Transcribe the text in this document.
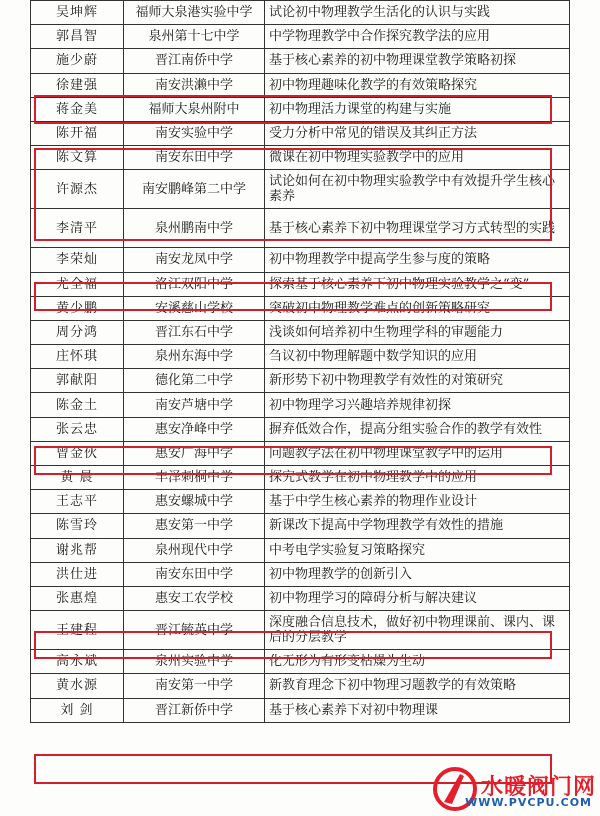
吴坤辉	福师大泉港实验中学	试论初中物理教学生活化的认识与实践
郭昌智	泉州第十七中学	中学物理教学中合作探究教学法的应用
施少蔚	晋江南侨中学	基于核心素养的初中物理课堂教学策略初探
徐建强	南安洪濑中学	初中物理趣味化教学的有效策略探究
蒋金美	福师大泉州附中	初中物理活力课堂的构建与实施
陈开福	南安实验中学	受力分析中常见的错误及其纠正方法
陈文算	南安东田中学	微课在初中物理实验教学中的应用
许源杰	南安鹏峰第二中学	试论如何在初中物理实验教学中有效提升学生核心素养
李清平	泉州鹏南中学	基于核心素养下初中物理课堂学习方式转型的实践
李荣灿	南安龙凤中学	初中物理教学中提高学生参与度的策略
尤全福	洛江双阳中学	探索基于核心素养下初中物理实验教学之“变”
黄少鹏	安溪慈山学校	突破初中物理教学难点的创新策略研究
周分鸿	晋江东石中学	浅谈如何培养初中生物理学科的审题能力
庄怀琪	泉州东海中学	刍议初中物理解题中数学知识的应用
郭献阳	德化第二中学	新形势下初中物理教学有效性的对策研究
陈金土	南安芦塘中学	初中物理学习兴趣培养规律初探
张云忠	惠安净峰中学	摒弃低效合作，提高分组实验合作的教学有效性
曾金伙	惠安广海中学	问题教学法在初中物理课堂教学中的运用
黄 晨	丰泽刺桐中学	探究式教学在初中物理教学中的应用
王志平	惠安螺城中学	基于中学生核心素养的物理作业设计
陈雪玲	惠安第一中学	新课改下提高中学物理教学有效性的措施
谢兆帮	泉州现代中学	中考电学实验复习策略探究
洪仕进	南安东田中学	初中物理教学的创新引入
张惠煌	惠安工农学校	初中物理学习的障碍分析与解决建议
王建程	晋江毓英中学	深度融合信息技术，做好初中物理课前、课内、课后的分层教学
高永斌	泉州实验中学	化无形为有形变枯燥为生动
黄水源	南安第一中学	新教育理念下初中物理习题教学的有效策略
刘 剑	晋江新侨中学	基于核心素养下对初中物理课
水暖阀门网
WWW.PVCPU.COM
